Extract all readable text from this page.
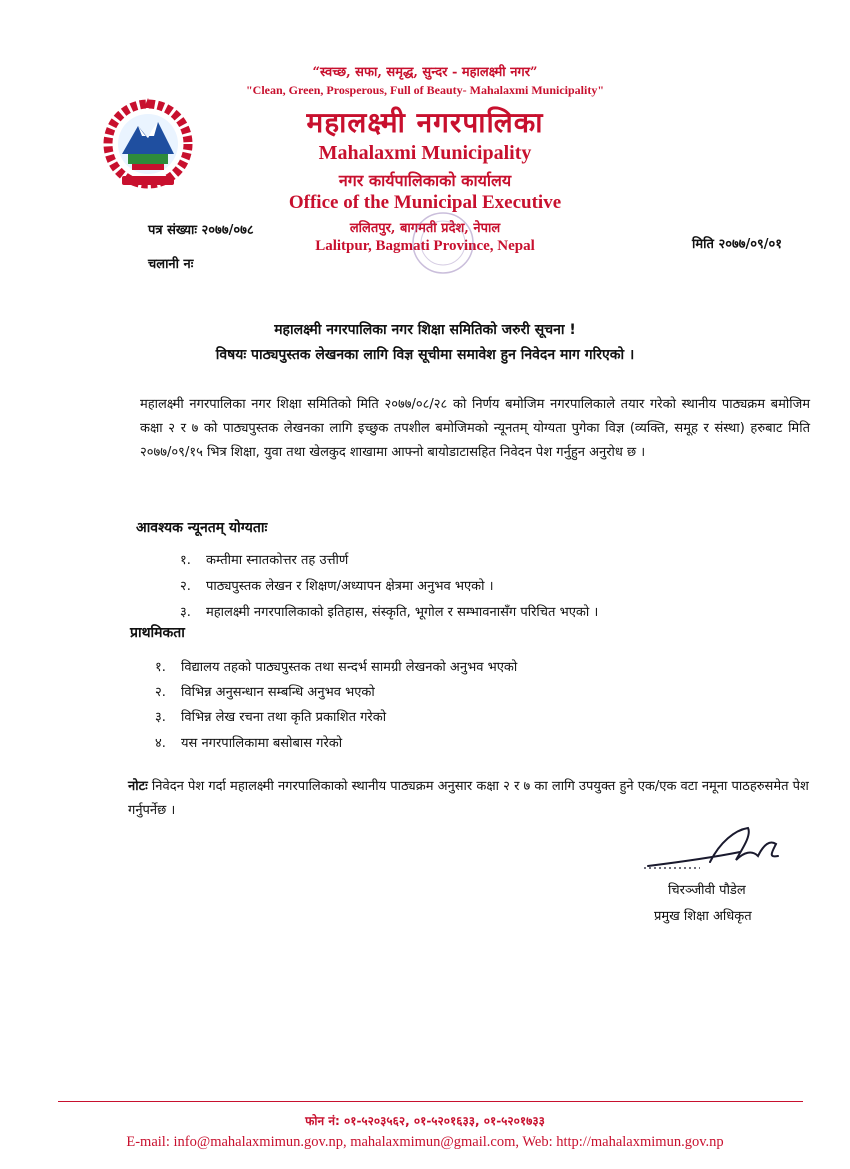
“स्वच्छ, सफा, समृद्ध, सुन्दर - महालक्ष्मी नगर”
"Clean, Green, Prosperous, Full of Beauty- Mahalaxmi Municipality"
महालक्ष्मी नगरपालिका
Mahalaxmi Municipality
नगर कार्यपालिकाको कार्यालय
Office of the Municipal Executive
ललितपुर, बागमती प्रदेश, नेपाल
Lalitpur, Bagmati Province, Nepal
पत्र संख्याः २०७७/०७८
चलानी नः
मिति २०७७/०९/०१
महालक्ष्मी नगरपालिका नगर शिक्षा समितिको जरुरी सूचना !
विषयः पाठ्यपुस्तक लेखनका लागि विज्ञ सूचीमा समावेश हुन निवेदन माग गरिएको ।
महालक्ष्मी नगरपालिका नगर शिक्षा समितिको मिति २०७७/०८/२८ को निर्णय बमोजिम नगरपालिकाले तयार गरेको स्थानीय पाठ्यक्रम बमोजिम कक्षा २ र ७ को पाठ्यपुस्तक लेखनका लागि इच्छुक तपशील बमोजिमको न्यूनतम् योग्यता पुगेका विज्ञ (व्यक्ति, समूह र संस्था) हरुबाट मिति २०७७/०९/१५ भित्र शिक्षा, युवा तथा खेलकुद शाखामा आफ्नो बायोडाटासहित निवेदन पेश गर्नुहुन अनुरोध छ ।
आवश्यक न्यूनतम् योग्यताः
१. कम्तीमा स्नातकोत्तर तह उत्तीर्ण
२. पाठ्यपुस्तक लेखन र शिक्षण/अध्यापन क्षेत्रमा अनुभव भएको ।
३. महालक्ष्मी नगरपालिकाको इतिहास, संस्कृति, भूगोल र सम्भावनासँग परिचित भएको ।
प्राथमिकता
१. विद्यालय तहको पाठ्यपुस्तक तथा सन्दर्भ सामग्री लेखनको अनुभव भएको
२. विभिन्न अनुसन्धान सम्बन्धि अनुभव भएको
३. विभिन्न लेख रचना तथा कृति प्रकाशित गरेको
४. यस नगरपालिकामा बसोबास गरेको
नोटः निवेदन पेश गर्दा महालक्ष्मी नगरपालिकाको स्थानीय पाठ्यक्रम अनुसार कक्षा २ र ७ का लागि उपयुक्त हुने एक/एक वटा नमूना पाठहरुसमेत पेश गर्नुपर्नेछ ।
चिरञ्जीवी पौडेल
प्रमुख शिक्षा अधिकृत
फोन नं: ०१-५२०३५६२, ०१-५२०१६३३, ०१-५२०१७३३
E-mail: info@mahalaxmimun.gov.np, mahalaxmimun@gmail.com, Web: http://mahalaxmimun.gov.np
